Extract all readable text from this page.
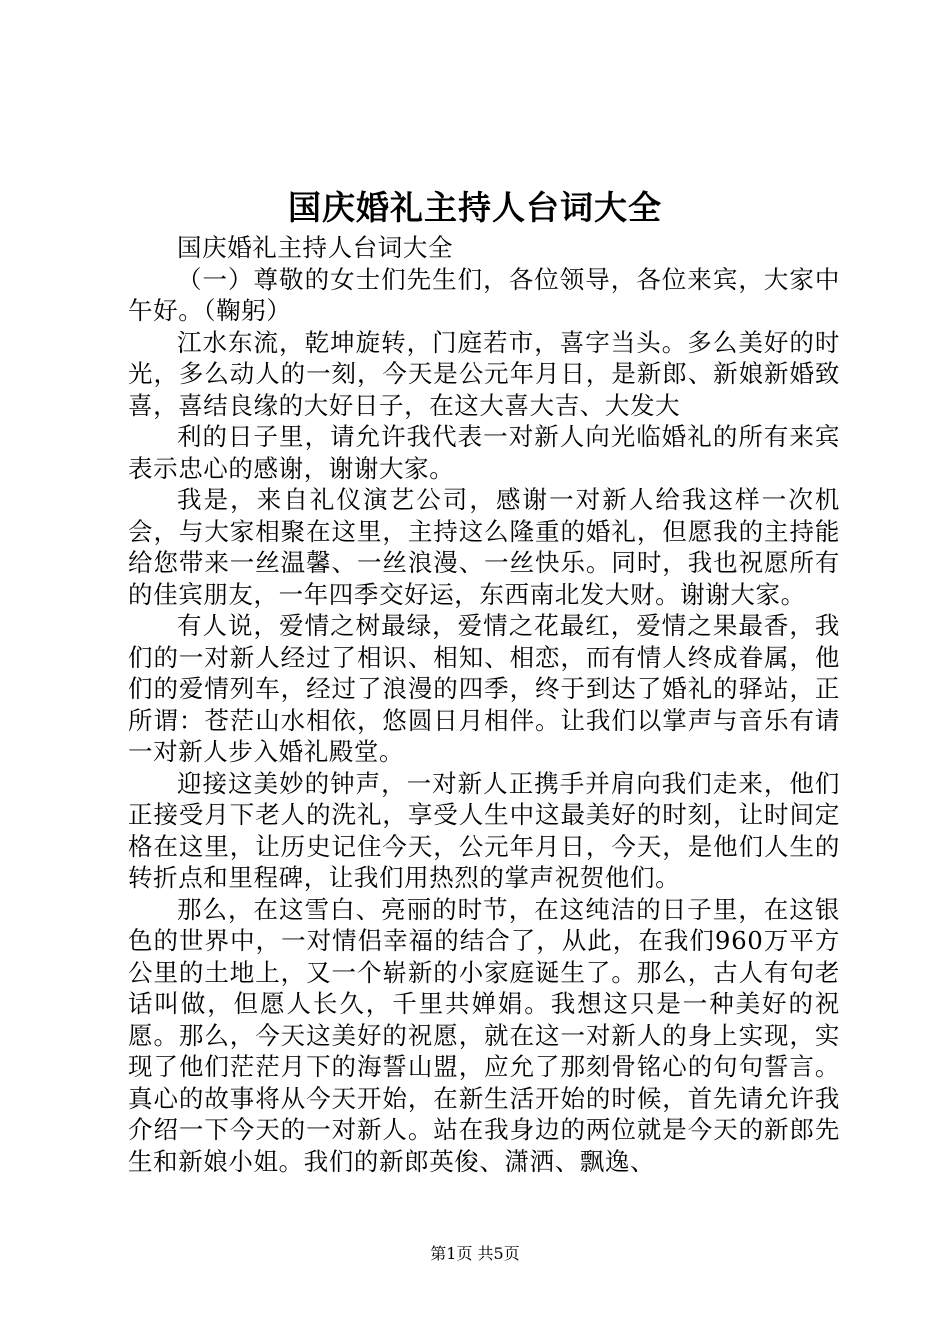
国庆婚礼主持人台词大全

国庆婚礼主持人台词大全

（一）尊敬的女士们先生们，各位领导，各位来宾，大家中午好。（鞠躬）

江水东流，乾坤旋转，门庭若市，喜字当头。多么美好的时光，多么动人的一刻，今天是公元年月日，是新郎、新娘新婚致喜，喜结良缘的大好日子，在这大喜大吉、大发大

利的日子里，请允许我代表一对新人向光临婚礼的所有来宾表示忠心的感谢，谢谢大家。

我是，来自礼仪演艺公司，感谢一对新人给我这样一次机会，与大家相聚在这里，主持这么隆重的婚礼，但愿我的主持能给您带来一丝温馨、一丝浪漫、一丝快乐。同时，我也祝愿所有的佳宾朋友，一年四季交好运，东西南北发大财。谢谢大家。

有人说，爱情之树最绿，爱情之花最红，爱情之果最香，我们的一对新人经过了相识、相知、相恋，而有情人终成眷属，他们的爱情列车，经过了浪漫的四季，终于到达了婚礼的驿站，正所谓：苍茫山水相依，悠圆日月相伴。让我们以掌声与音乐有请一对新人步入婚礼殿堂。

迎接这美妙的钟声，一对新人正携手并肩向我们走来，他们正接受月下老人的洗礼，享受人生中这最美好的时刻，让时间定格在这里，让历史记住今天，公元年月日，今天，是他们人生的转折点和里程碑，让我们用热烈的掌声祝贺他们。

那么，在这雪白、亮丽的时节，在这纯洁的日子里，在这银色的世界中，一对情侣幸福的结合了，从此，在我们960万平方公里的土地上，又一个崭新的小家庭诞生了。那么，古人有句老话叫做，但愿人长久，千里共婵娟。我想这只是一种美好的祝愿。那么，今天这美好的祝愿，就在这一对新人的身上实现，实现了他们茫茫月下的海誓山盟，应允了那刻骨铭心的句句誓言。真心的故事将从今天开始，在新生活开始的时候，首先请允许我介绍一下今天的一对新人。站在我身边的两位就是今天的新郎先生和新娘小姐。我们的新郎英俊、潇洒、飘逸、

第1页 共5页
